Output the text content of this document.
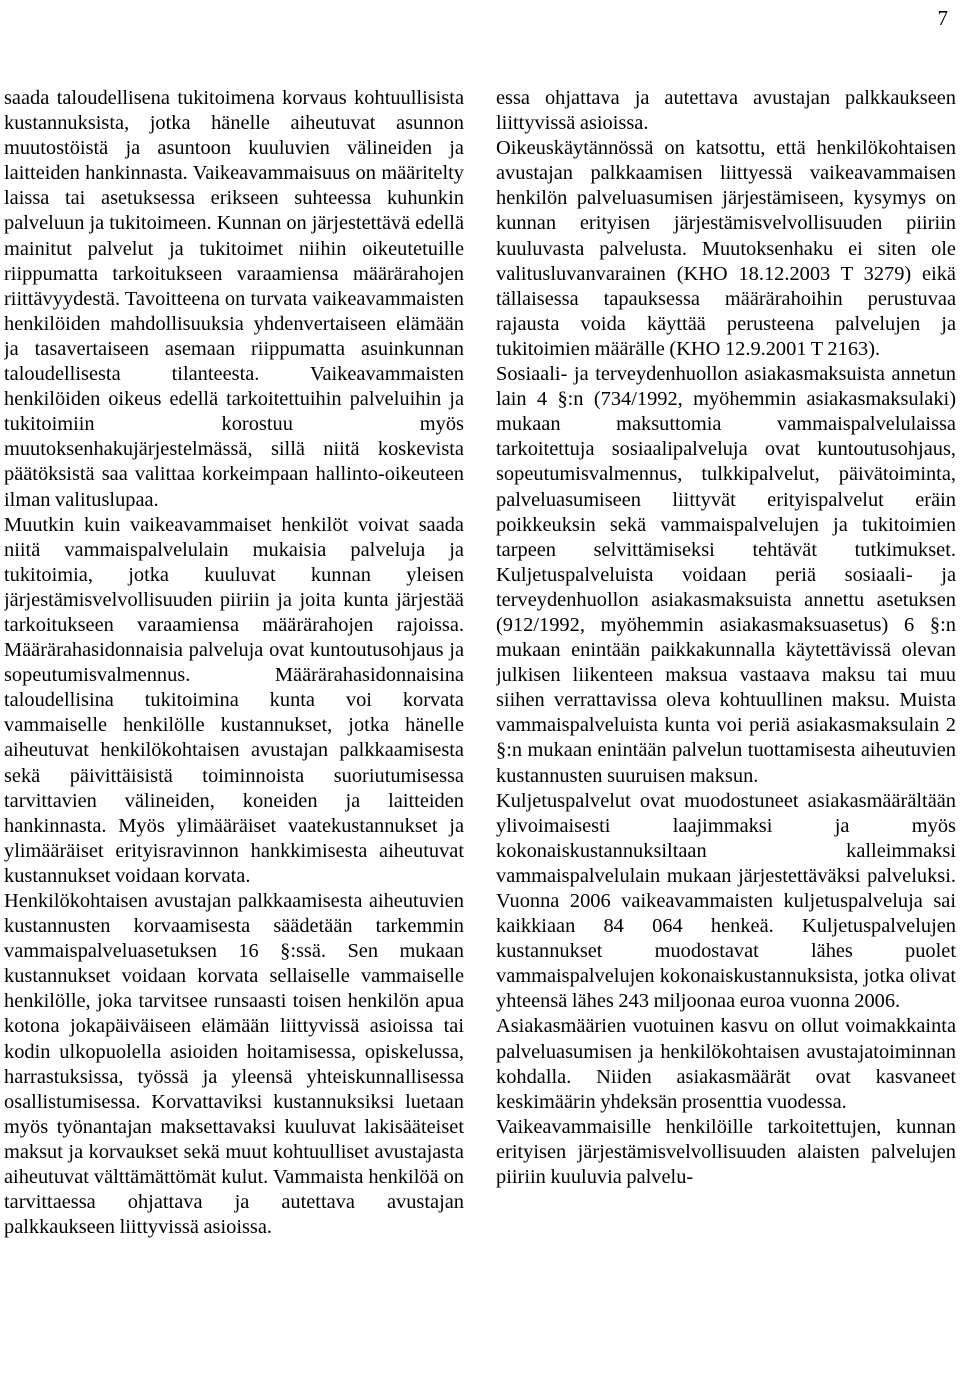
7

saada taloudellisena tukitoimena korvaus kohtuullisista kustannuksista, jotka hänelle aiheutuvat asunnon muutostöistä ja asuntoon kuuluvien välineiden ja laitteiden hankinnasta. Vaikeavammaisuus on määritelty laissa tai asetuksessa erikseen suhteessa kuhunkin palveluun ja tukitoimeen. Kunnan on järjestettävä edellä mainitut palvelut ja tukitoimet niihin oikeutetuille riippumatta tarkoitukseen varaamiensa määrärahojen riittävyydestä. Tavoitteena on turvata vaikeavammaisten henkilöiden mahdollisuuksia yhdenvertaiseen elämään ja tasavertaiseen asemaan riippumatta asuinkunnan taloudellisesta tilanteesta. Vaikeavammaisten henkilöiden oikeus edellä tarkoitettuihin palveluihin ja tukitoimiin korostuu myös muutoksenhakujärjestelmässä, sillä niitä koskevista päätöksistä saa valittaa korkeimpaan hallinto-oikeuteen ilman valituslupaa.

Muutkin kuin vaikeavammaiset henkilöt voivat saada niitä vammaispalvelulain mukaisia palveluja ja tukitoimia, jotka kuuluvat kunnan yleisen järjestämisvelvollisuuden piiriin ja joita kunta järjestää tarkoitukseen varaamiensa määrärahojen rajoissa. Määrärahasidonnaisia palveluja ovat kuntoutusohjaus ja sopeutumisvalmennus. Määrärahasidonnaisina taloudellisina tukitoimina kunta voi korvata vammaiselle henkilölle kustannukset, jotka hänelle aiheutuvat henkilökohtaisen avustajan palkkaamisesta sekä päivittäisistä toiminnoista suoriutumisessa tarvittavien välineiden, koneiden ja laitteiden hankinnasta. Myös ylimääräiset vaatekustannukset ja ylimääräiset erityisravinnon hankkimisesta aiheutuvat kustannukset voidaan korvata.

Henkilökohtaisen avustajan palkkaamisesta aiheutuvien kustannusten korvaamisesta säädetään tarkemmin vammaispalveluasetuksen 16 §:ssä. Sen mukaan kustannukset voidaan korvata sellaiselle vammaiselle henkilölle, joka tarvitsee runsaasti toisen henkilön apua kotona jokapäiväiseen elämään liittyvissä asioissa tai kodin ulkopuolella asioiden hoitamisessa, opiskelussa, harrastuksissa, työssä ja yleensä yhteiskunnallisessa osallistumisessa. Korvattaviksi kustannuksiksi luetaan myös työnantajan maksettavaksi kuuluvat lakisääteiset maksut ja korvaukset sekä muut kohtuulliset avustajasta aiheutuvat välttämättömät kulut. Vammaista henkilöä on tarvittaessa ohjattava ja autettava avustajan palkkaukseen liittyvissä asioissa.

essa ohjattava ja autettava avustajan palkkaukseen liittyvissä asioissa.

Oikeuskäytännössä on katsottu, että henkilökohtaisen avustajan palkkaamisen liittyessä vaikeavammaisen henkilön palveluasumisen järjestämiseen, kysymys on kunnan erityisen järjestämisvelvollisuuden piiriin kuuluvasta palvelusta. Muutoksenhaku ei siten ole valitusluvanvarainen (KHO 18.12.2003 T 3279) eikä tällaisessa tapauksessa määrärahoihin perustuvaa rajausta voida käyttää perusteena palvelujen ja tukitoimien määrälle (KHO 12.9.2001 T 2163).

Sosiaali- ja terveydenhuollon asiakasmaksuista annetun lain 4 §:n (734/1992, myöhemmin asiakasmaksulaki) mukaan maksuttomia vammaispalvelulaissa tarkoitettuja sosiaalipalveluja ovat kuntoutusohjaus, sopeutumisvalmennus, tulkkipalvelut, päivätoiminta, palveluasumiseen liittyvät erityispalvelut eräin poikkeuksin sekä vammaispalvelujen ja tukitoimien tarpeen selvittämiseksi tehtävät tutkimukset. Kuljetuspalveluista voidaan periä sosiaali- ja terveydenhuollon asiakasmaksuista annettu asetuksen (912/1992, myöhemmin asiakasmaksuasetus) 6 §:n mukaan enintään paikkakunnalla käytettävissä olevan julkisen liikenteen maksua vastaava maksu tai muu siihen verrattavissa oleva kohtuullinen maksu. Muista vammaispalveluista kunta voi periä asiakasmaksulain 2 §:n mukaan enintään palvelun tuottamisesta aiheutuvien kustannusten suuruisen maksun.

Kuljetuspalvelut ovat muodostuneet asiakasmäärältään ylivoimaisesti laajimmaksi ja myös kokonaiskustannuksiltaan kalleimmaksi vammaispalvelulain mukaan järjestettäväksi palveluksi. Vuonna 2006 vaikeavammaisten kuljetuspalveluja sai kaikkiaan 84 064 henkeä. Kuljetuspalvelujen kustannukset muodostavat lähes puolet vammaispalvelujen kokonaiskustannuksista, jotka olivat yhteensä lähes 243 miljoonaa euroa vuonna 2006.

Asiakasmäärien vuotuinen kasvu on ollut voimakkainta palveluasumisen ja henkilökohtaisen avustajatoiminnan kohdalla. Niiden asiakasmäärät ovat kasvaneet keskimäärin yhdeksän prosenttia vuodessa.

Vaikeavammaisille henkilöille tarkoitettujen, kunnan erityisen järjestämisvelvollisuuden alaisten palvelujen piiriin kuuluvia palvelu-
